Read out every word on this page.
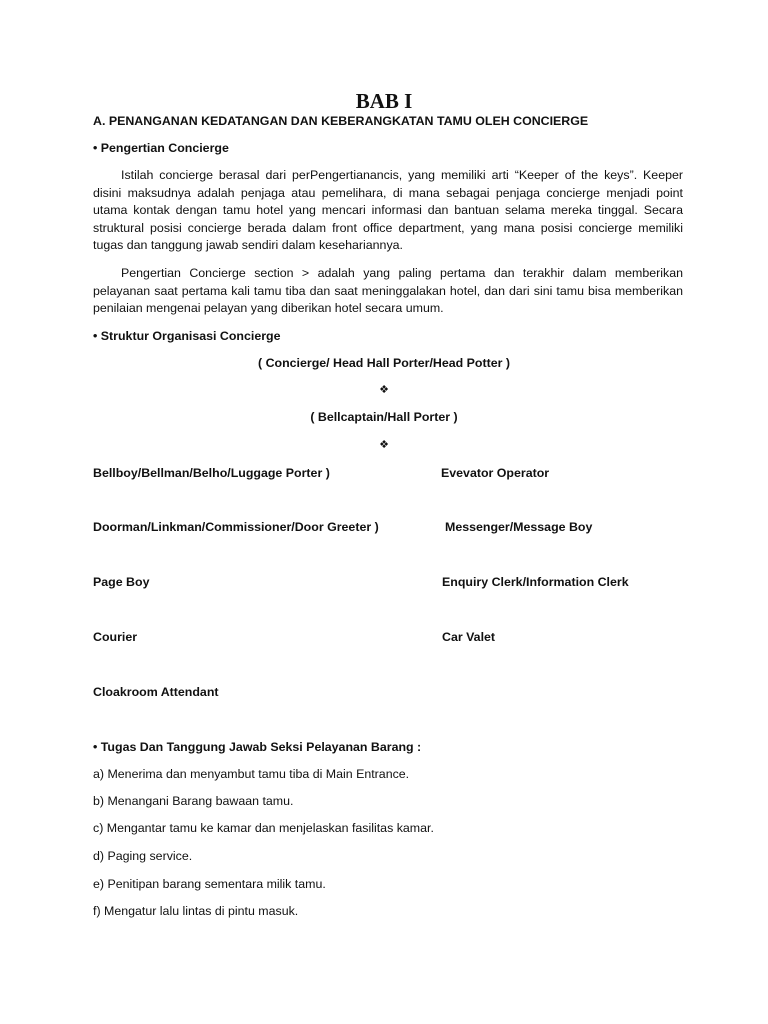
BAB I
A. PENANGANAN KEDATANGAN DAN KEBERANGKATAN TAMU OLEH CONCIERGE
• Pengertian Concierge
Istilah concierge berasal dari perPengertianancis, yang memiliki arti “Keeper of the keys”. Keeper disini maksudnya adalah penjaga atau pemelihara, di mana sebagai penjaga concierge menjadi point utama kontak dengan tamu hotel yang mencari informasi dan bantuan selama mereka tinggal. Secara struktural posisi concierge berada dalam front office department, yang mana posisi concierge memiliki tugas dan tanggung jawab sendiri dalam kesehariannya.
Pengertian Concierge section > adalah yang paling pertama dan terakhir dalam memberikan pelayanan saat pertama kali tamu tiba dan saat meninggalakan hotel, dan dari sini tamu bisa memberikan penilaian mengenai pelayan yang diberikan hotel secara umum.
• Struktur Organisasi Concierge
( Concierge/ Head Hall Porter/Head Potter )
❖
( Bellcaptain/Hall Porter )
❖
Bellboy/Bellman/Belho/Luggage Porter )	Evevator Operator
Doorman/Linkman/Commissioner/Door Greeter )	Messenger/Message Boy
Page Boy	Enquiry Clerk/Information Clerk
Courier	Car Valet
Cloakroom Attendant
• Tugas Dan Tanggung Jawab Seksi Pelayanan Barang :
a) Menerima dan menyambut tamu tiba di Main Entrance.
b) Menangani Barang bawaan tamu.
c) Mengantar tamu ke kamar dan menjelaskan fasilitas kamar.
d) Paging service.
e) Penitipan barang sementara milik tamu.
f) Mengatur lalu lintas di pintu masuk.
